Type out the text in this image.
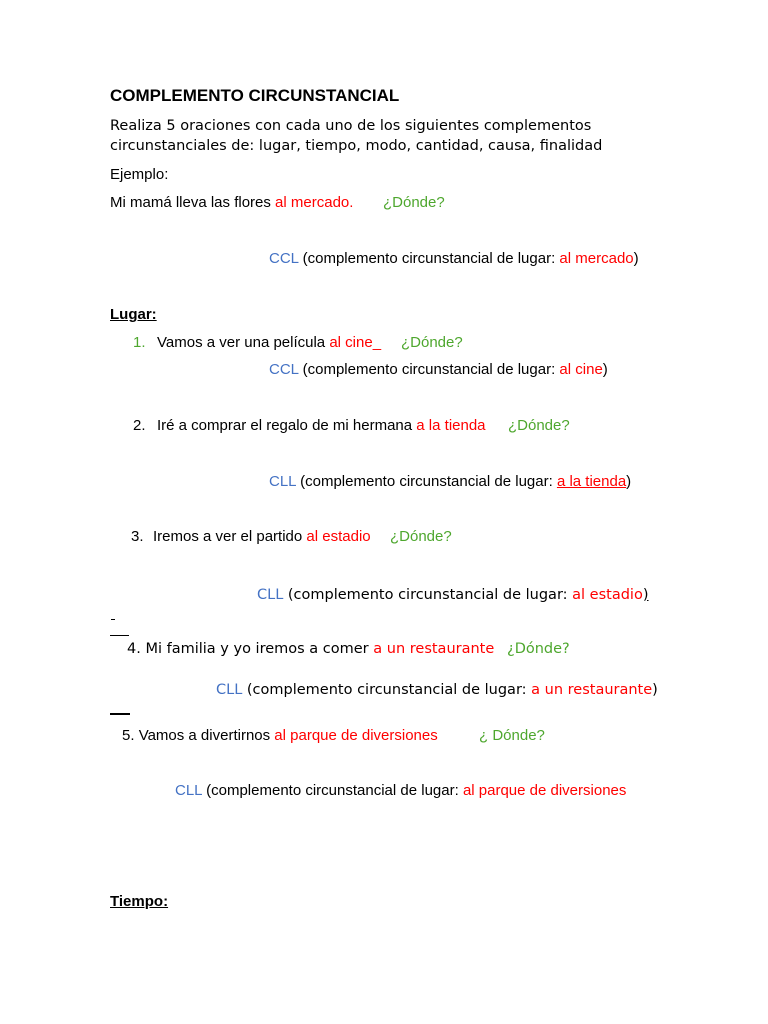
COMPLEMENTO CIRCUNSTANCIAL
Realiza 5 oraciones con cada uno de los siguientes complementos
circunstanciales de: lugar, tiempo, modo, cantidad, causa, finalidad
Ejemplo:
Mi mamá lleva las flores al mercado. ¿Dónde?
CCL (complemento circunstancial de lugar: al mercado)
Lugar:
1. Vamos a ver una película al cine_ ¿Dónde?
CCL (complemento circunstancial de lugar: al cine)
2. Iré a comprar el regalo de mi hermana a la tienda ¿Dónde?
CLL (complemento circunstancial de lugar: a la tienda)
3. Iremos a ver el partido al estadio ¿Dónde?
CLL (complemento circunstancial de lugar: al estadio)
4. Mi familia y yo iremos a comer a un restaurante ¿Dónde?
CLL (complemento circunstancial de lugar: a un restaurante)
5. Vamos a divertirnos al parque de diversiones	¿ Dónde?
CLL (complemento circunstancial de lugar: al parque de diversiones
Tiempo:
